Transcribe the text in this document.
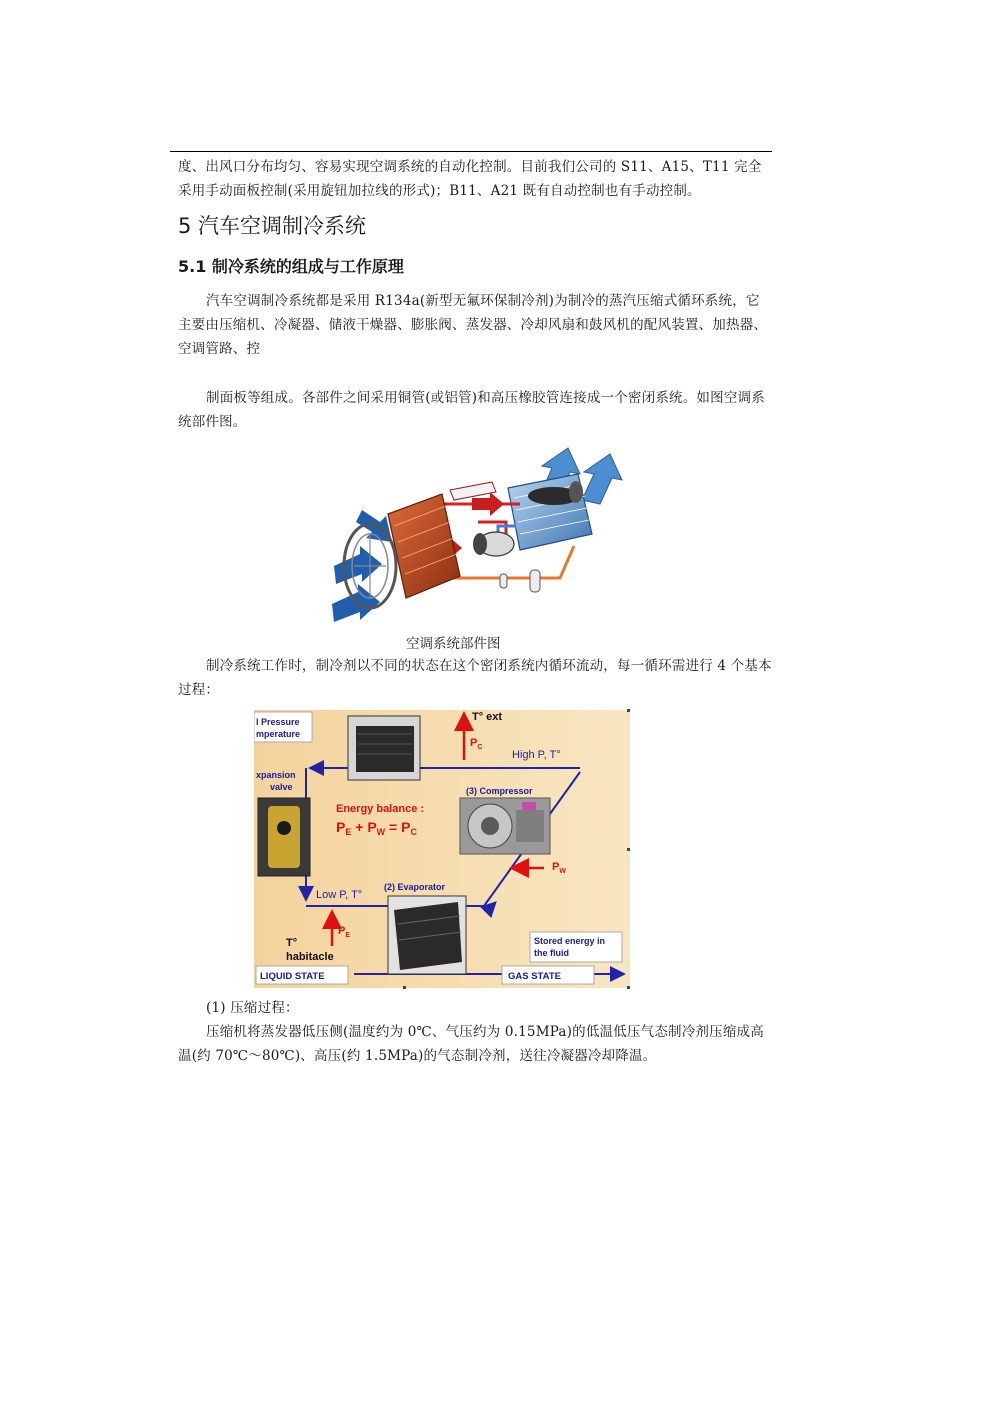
度、出风口分布均匀、容易实现空调系统的自动化控制。目前我们公司的 S11、A15、T11 完全
采用手动面板控制(采用旋钮加拉线的形式)；B11、A21 既有自动控制也有手动控制。

5 汽车空调制冷系统
5.1 制冷系统的组成与工作原理

汽车空调制冷系统都是采用 R134a(新型无氟环保制冷剂)为制冷的蒸汽压缩式循环系统，它主要由压缩机、冷凝器、储液干燥器、膨胀阀、蒸发器、冷却风扇和鼓风机的配风装置、加热器、空调管路、控

制面板等组成。各部件之间采用铜管(或铝管)和高压橡胶管连接成一个密闭系统。如图空调系统部件图。

空调系统部件图

制冷系统工作时，制冷剂以不同的状态在这个密闭系统内循环流动，每一循环需进行 4 个基本过程：

l Pressure
mperature
T° ext
$P_C$
High P, T°
xpansion
valve	(3) Compressor
Energy balance :
$P_E + P_W = P_C$
$P_W$
Low P, T°
(2) Evaporator
$P_E$
T°
habitacle
Stored energy in
the fluid
LIQUID STATE	GAS STATE
(1) 压缩过程：

压缩机将蒸发器低压侧(温度约为 0℃、气压约为 0.15MPa)的低温低压气态制冷剂压缩成高温(约 70℃～80℃)、高压(约 1.5MPa)的气态制冷剂，送往冷凝器冷却降温。
